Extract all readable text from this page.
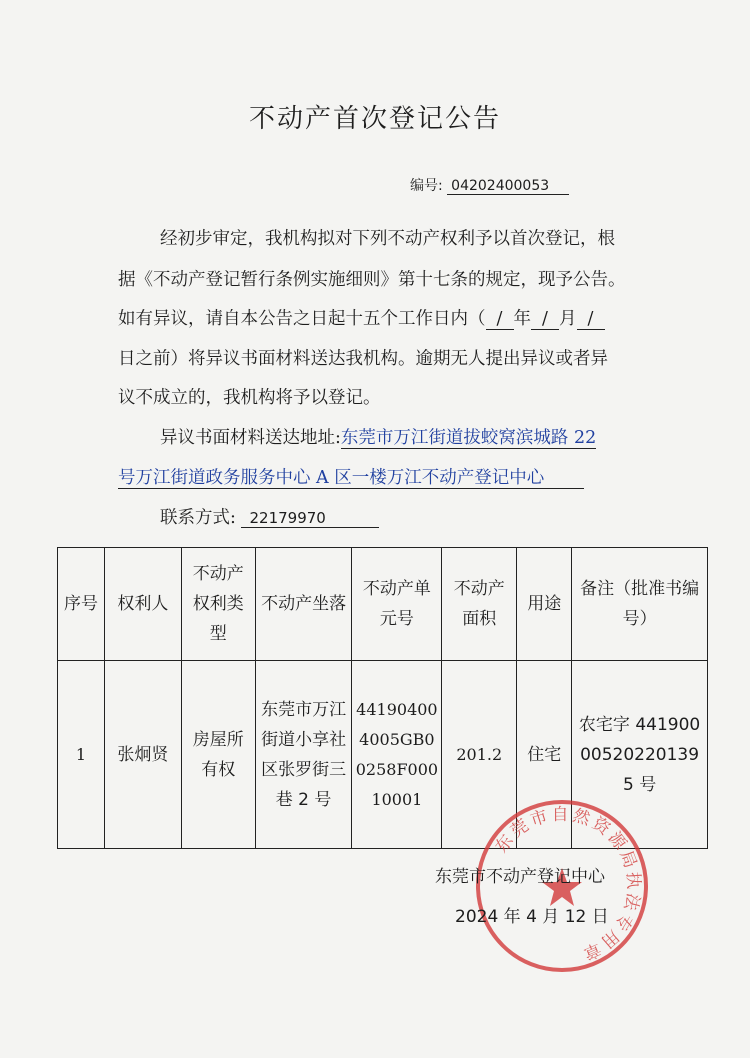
不动产首次登记公告
编号: 04202400053
经初步审定，我机构拟对下列不动产权利予以首次登记，根
据《不动产登记暂行条例实施细则》第十七条的规定，现予公告。
如有异议，请自本公告之日起十五个工作日内（ / 年 / 月 /
日之前）将异议书面材料送达我机构。逾期无人提出异议或者异
议不成立的，我机构将予以登记。
异议书面材料送达地址:东莞市万江街道拔蛟窝滨城路 22
号万江街道政务服务中心 A 区一楼万江不动产登记中心
联系方式: 22179970
序号	权利人	不动产权利类型	不动产坐落	不动产单元号	不动产面积	用途	备注（批准书编号）
1	张炯贤	房屋所有权	东莞市万江街道小享社区张罗街三巷 2 号	441904004005GB00258F00010001	201.2	住宅	农宅字 441900005202201395 号
东莞市自然资源局执法专用章
东莞市不动产登记中心
2024 年 4 月 12 日
